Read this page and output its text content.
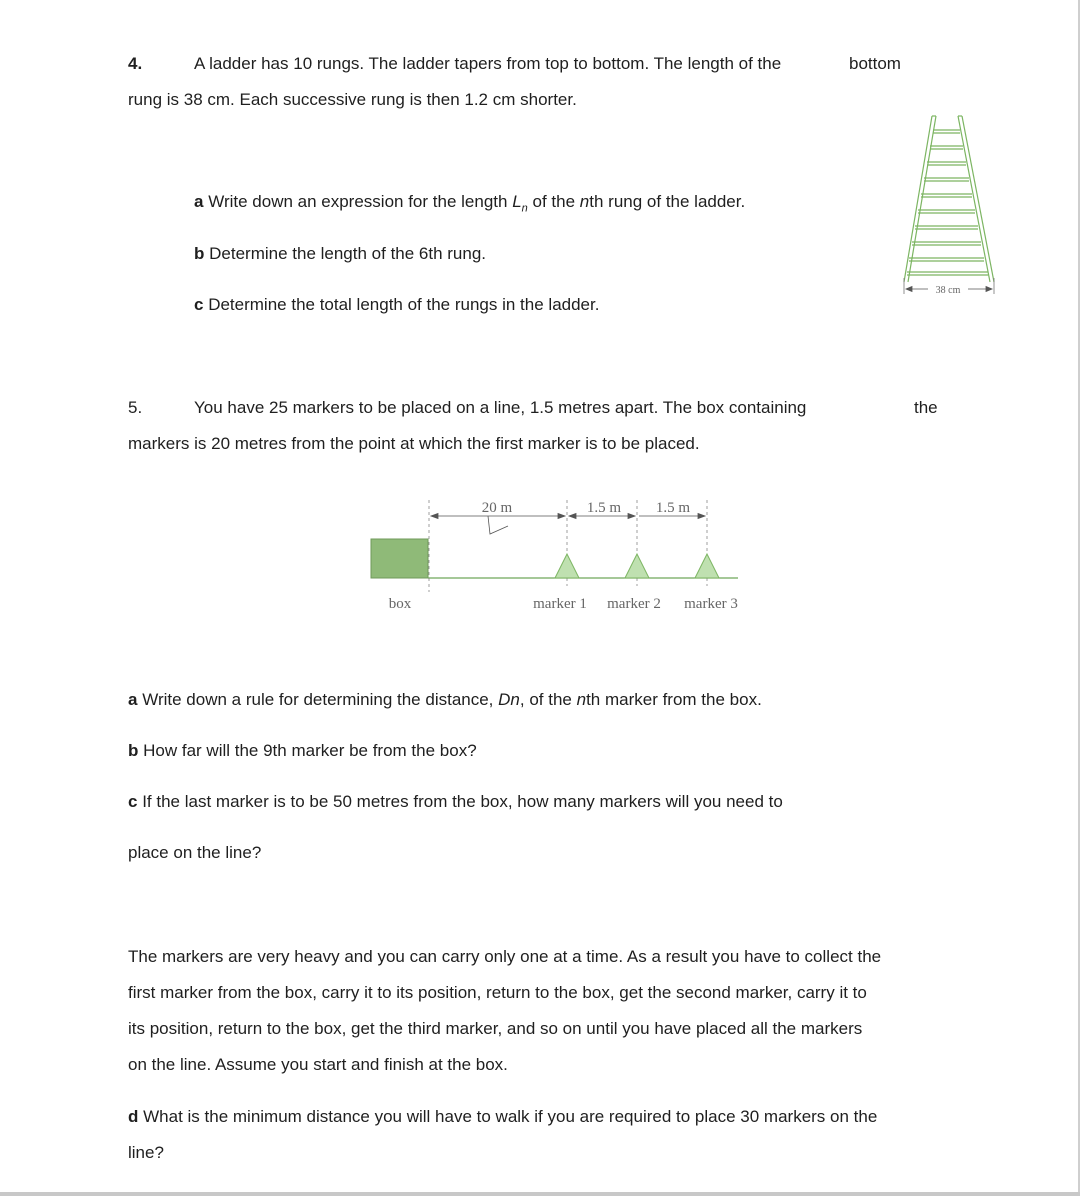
4.	A ladder has 10 rungs. The ladder tapers from top to bottom. The length of the	bottom
rung is 38 cm. Each successive rung is then 1.2 cm shorter.
a Write down an expression for the length $L_n$ of the nth rung of the ladder.
b Determine the length of the 6th rung.
c Determine the total length of the rungs in the ladder.
38 cm
5.	You have 25 markers to be placed on a line, 1.5 metres apart. The box containing	the
markers is 20 metres from the point at which the first marker is to be placed.
20 m	1.5 m 1.5 m
box	marker 1 marker 2 marker 3
a Write down a rule for determining the distance, Dn, of the nth marker from the box.
b How far will the 9th marker be from the box?
c If the last marker is to be 50 metres from the box, how many markers will you need to
place on the line?
The markers are very heavy and you can carry only one at a time. As a result you have to collect the
first marker from the box, carry it to its position, return to the box, get the second marker, carry it to
its position, return to the box, get the third marker, and so on until you have placed all the markers
on the line. Assume you start and finish at the box.
d What is the minimum distance you will have to walk if you are required to place 30 markers on the
line?
